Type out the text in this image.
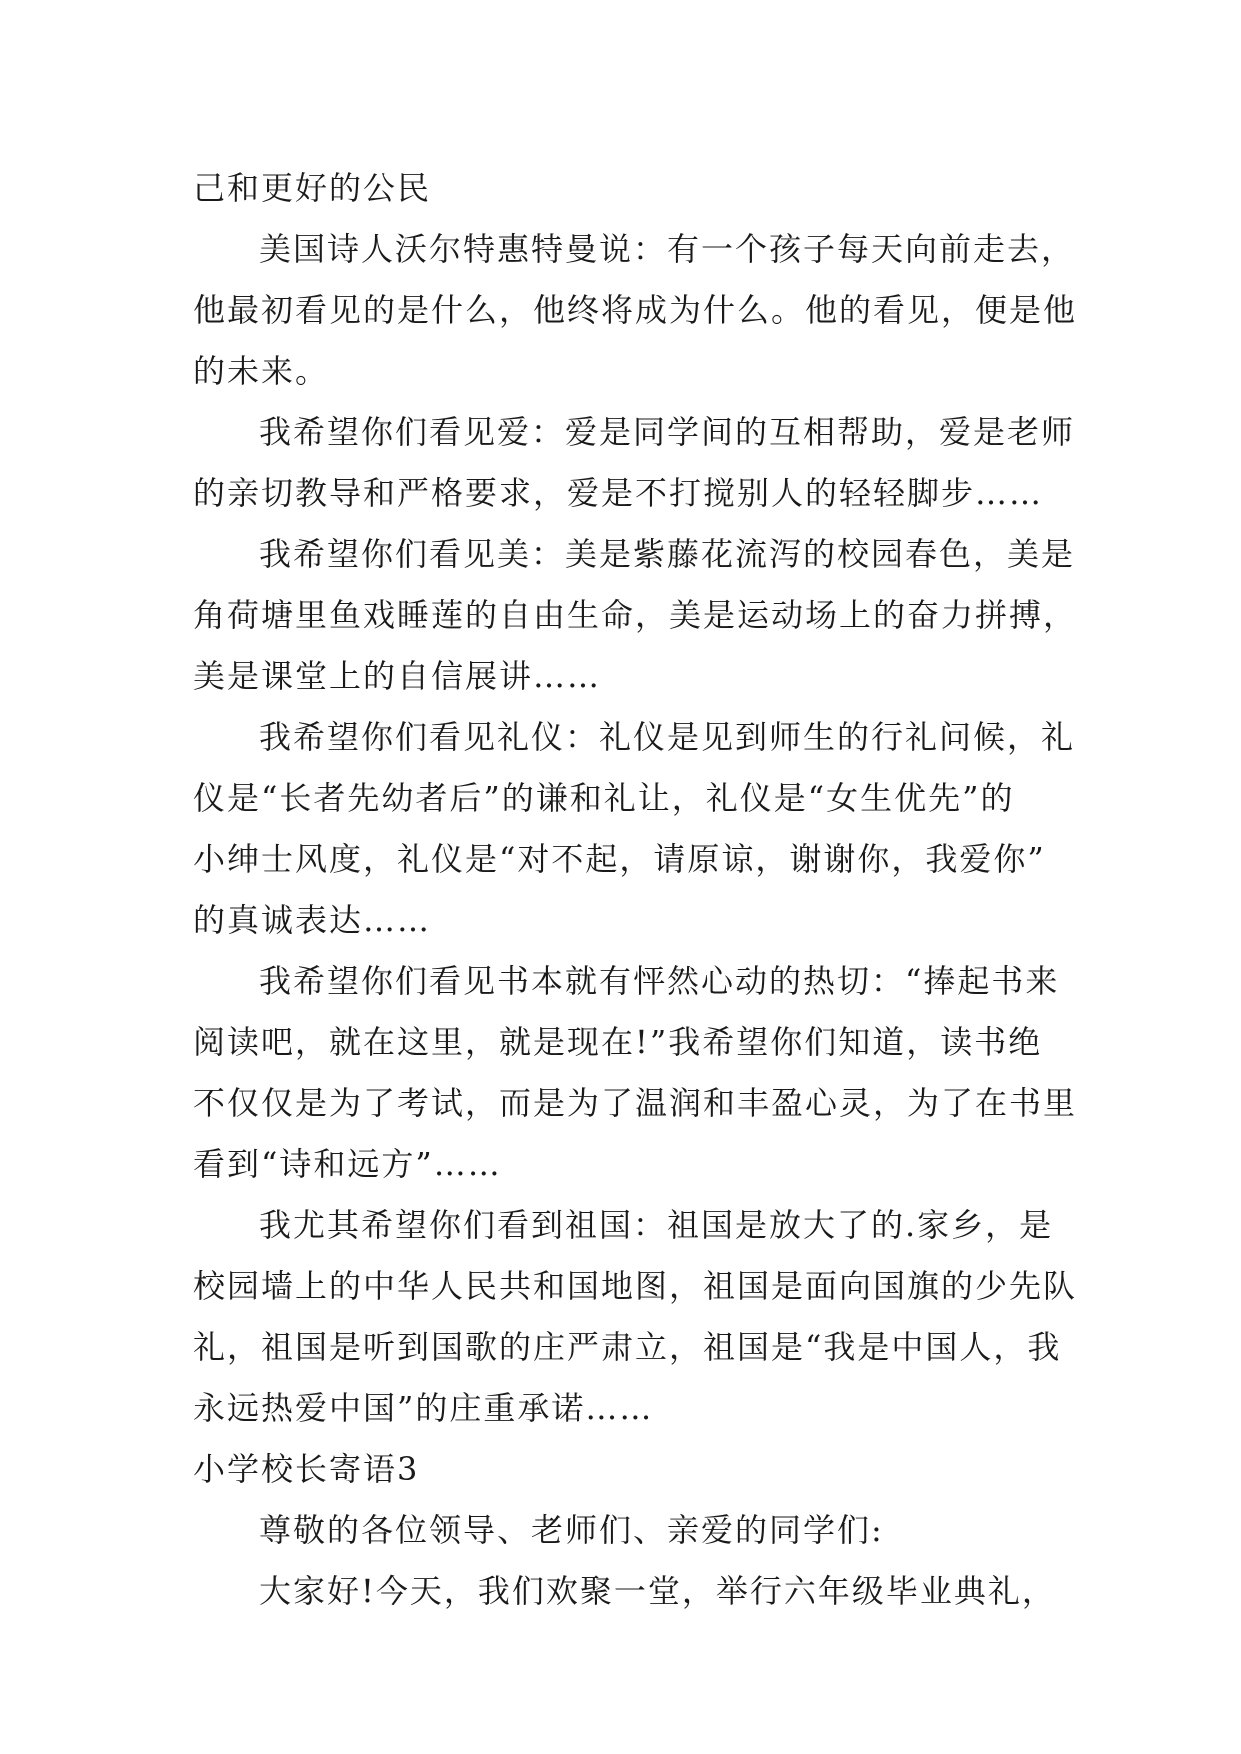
己和更好的公民
美国诗人沃尔特惠特曼说：有一个孩子每天向前走去，
他最初看见的是什么，他终将成为什么。他的看见，便是他
的未来。
我希望你们看见爱：爱是同学间的互相帮助，爱是老师
的亲切教导和严格要求，爱是不打搅别人的轻轻脚步……
我希望你们看见美：美是紫藤花流泻的校园春色，美是
角荷塘里鱼戏睡莲的自由生命，美是运动场上的奋力拼搏，
美是课堂上的自信展讲……
我希望你们看见礼仪：礼仪是见到师生的行礼问候，礼
仪是“长者先幼者后”的谦和礼让，礼仪是“女生优先”的
小绅士风度，礼仪是“对不起，请原谅，谢谢你，我爱你”
的真诚表达……
我希望你们看见书本就有怦然心动的热切：“捧起书来
阅读吧，就在这里，就是现在!”我希望你们知道，读书绝
不仅仅是为了考试，而是为了温润和丰盈心灵，为了在书里
看到“诗和远方”……
我尤其希望你们看到祖国：祖国是放大了的.家乡，是
校园墙上的中华人民共和国地图，祖国是面向国旗的少先队
礼，祖国是听到国歌的庄严肃立，祖国是“我是中国人，我
永远热爱中国”的庄重承诺……
小学校长寄语3
尊敬的各位领导、老师们、亲爱的同学们:
大家好!今天，我们欢聚一堂，举行六年级毕业典礼，
